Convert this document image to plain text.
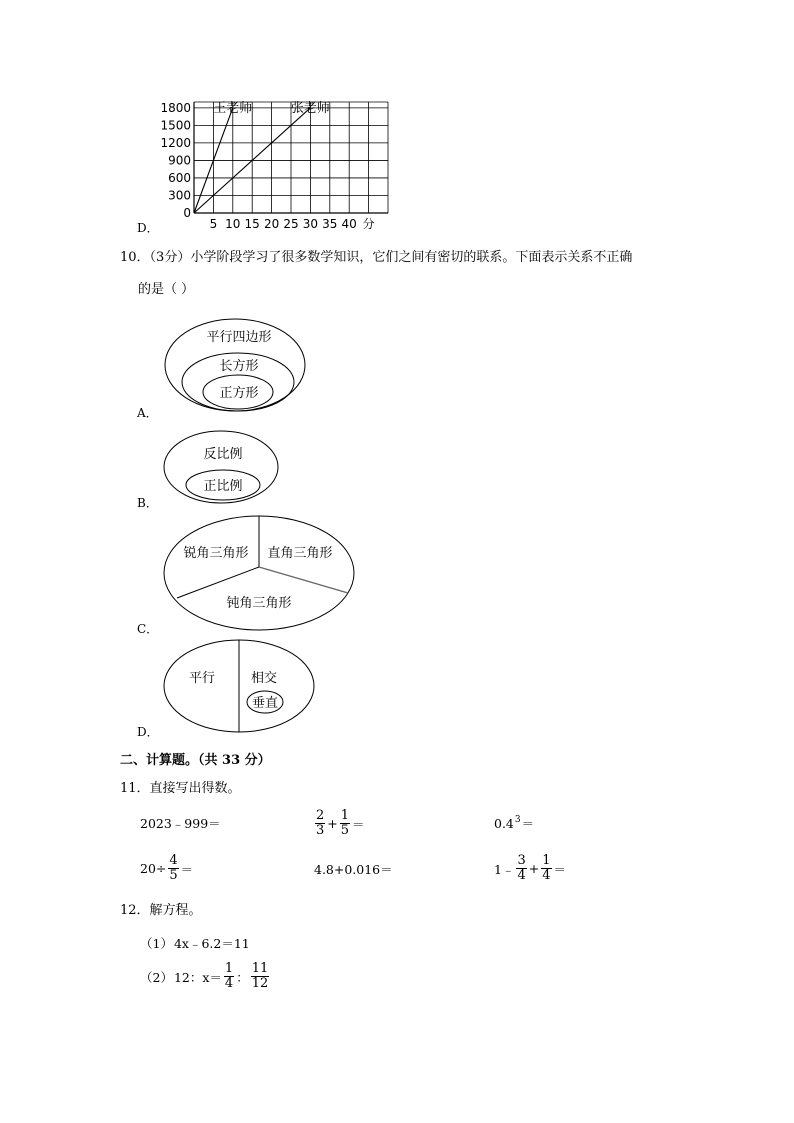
D．
0
300
600
900
1200
1500
1800
5 10 15 20 25 30 35 40 分
王老师	张老师
10．（3分）小学阶段学习了很多数学知识，它们之间有密切的联系。下面表示关系不正确
的是（ ）
A．
平行四边形
长方形
正方形
B．
反比例
正比例
C．
锐角三角形 直角三角形
钝角三角形
D．
平行	相交
垂直
二、计算题。（共 33 分）
11．直接写出得数。
2023﹣999＝	$\frac{2}{3} + \frac{1}{5}$ ＝	$0.4^3$ ＝
$20\div \frac{4}{5}$ ＝	4.8+0.016＝	1﹣ $\frac{3}{4} + \frac{1}{4}$ ＝
12．解方程。
（1） 4x﹣6.2＝11
（2） 12：$x= \frac{1}{4}$ ： $\frac{11}{12}$
